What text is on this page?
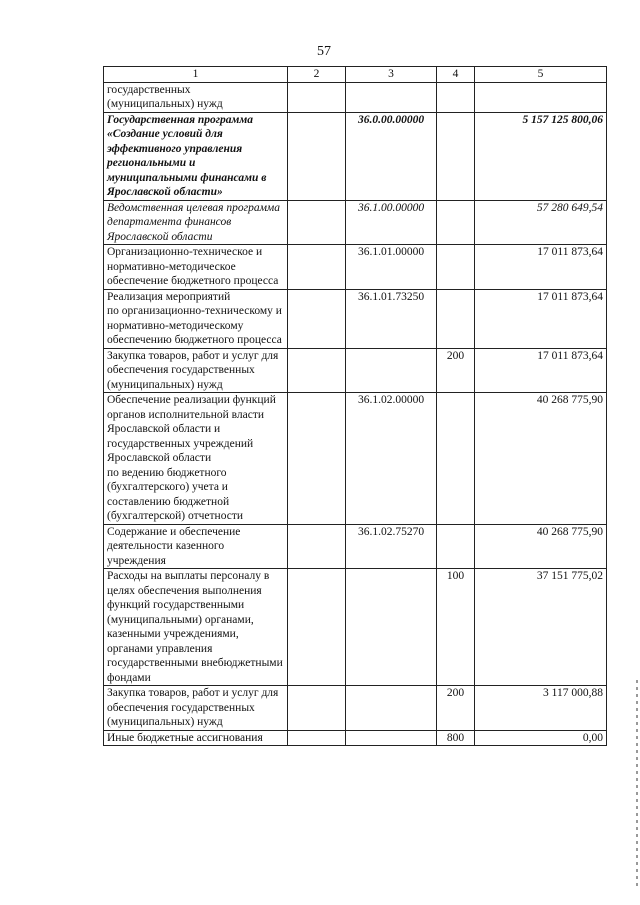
57
1	2	3	4	5
государственных
(муниципальных) нужд				
Государственная программа «Создание условий для эффективного управления региональными и муниципальными финансами в Ярославской области»		36.0.00.00000		5 157 125 800,06
Ведомственная целевая программа департамента финансов Ярославской области		36.1.00.00000		57 280 649,54
Организационно-техническое и нормативно-методическое обеспечение бюджетного процесса		36.1.01.00000		17 011 873,64
Реализация мероприятий
по организационно-техническому и нормативно-методическому обеспечению бюджетного процесса		36.1.01.73250		17 011 873,64
Закупка товаров, работ и услуг для обеспечения государственных (муниципальных) нужд			200	17 011 873,64
Обеспечение реализации функций органов исполнительной власти Ярославской области и государственных учреждений Ярославской области
по ведению бюджетного (бухгалтерского) учета и составлению бюджетной (бухгалтерской) отчетности		36.1.02.00000		40 268 775,90
Содержание и обеспечение деятельности казенного учреждения		36.1.02.75270		40 268 775,90
Расходы на выплаты персоналу в целях обеспечения выполнения функций государственными (муниципальными) органами, казенными учреждениями, органами управления государственными внебюджетными фондами			100	37 151 775,02
Закупка товаров, работ и услуг для обеспечения государственных (муниципальных) нужд			200	3 117 000,88
Иные бюджетные ассигнования			800	0,00
